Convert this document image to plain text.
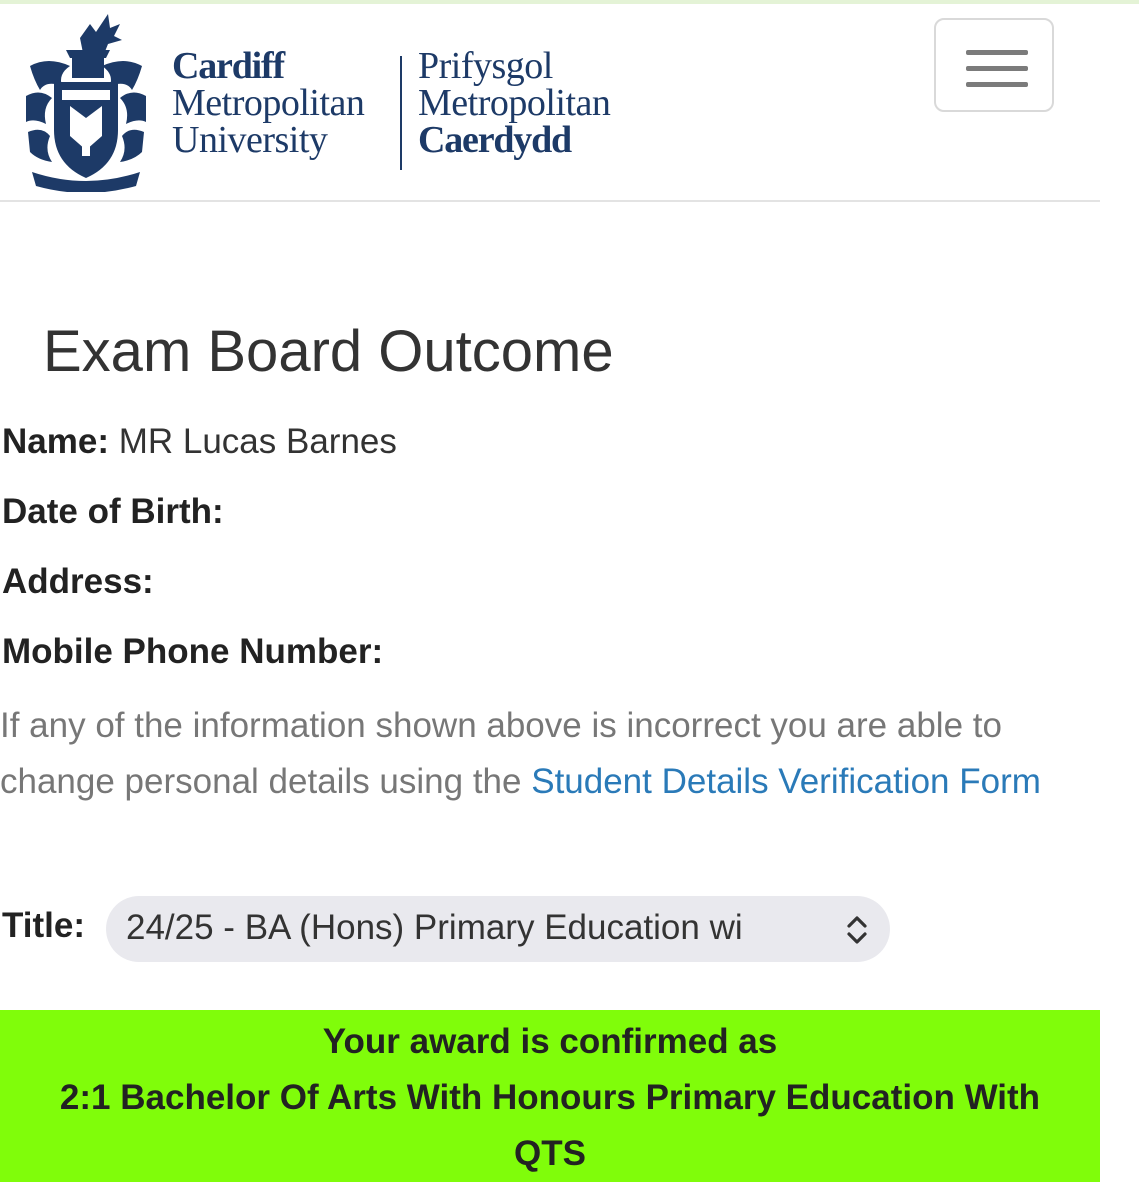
Cardiff
Metropolitan
University
Prifysgol
Metropolitan
Caerdydd
Exam Board Outcome
Name: MR Lucas Barnes
Date of Birth:
Address:
Mobile Phone Number:
If any of the information shown above is incorrect you are able to change personal details using the Student Details Verification Form
Title: 24/25 - BA (Hons) Primary Education wi
Your award is confirmed as
2:1 Bachelor Of Arts With Honours Primary Education With
QTS
